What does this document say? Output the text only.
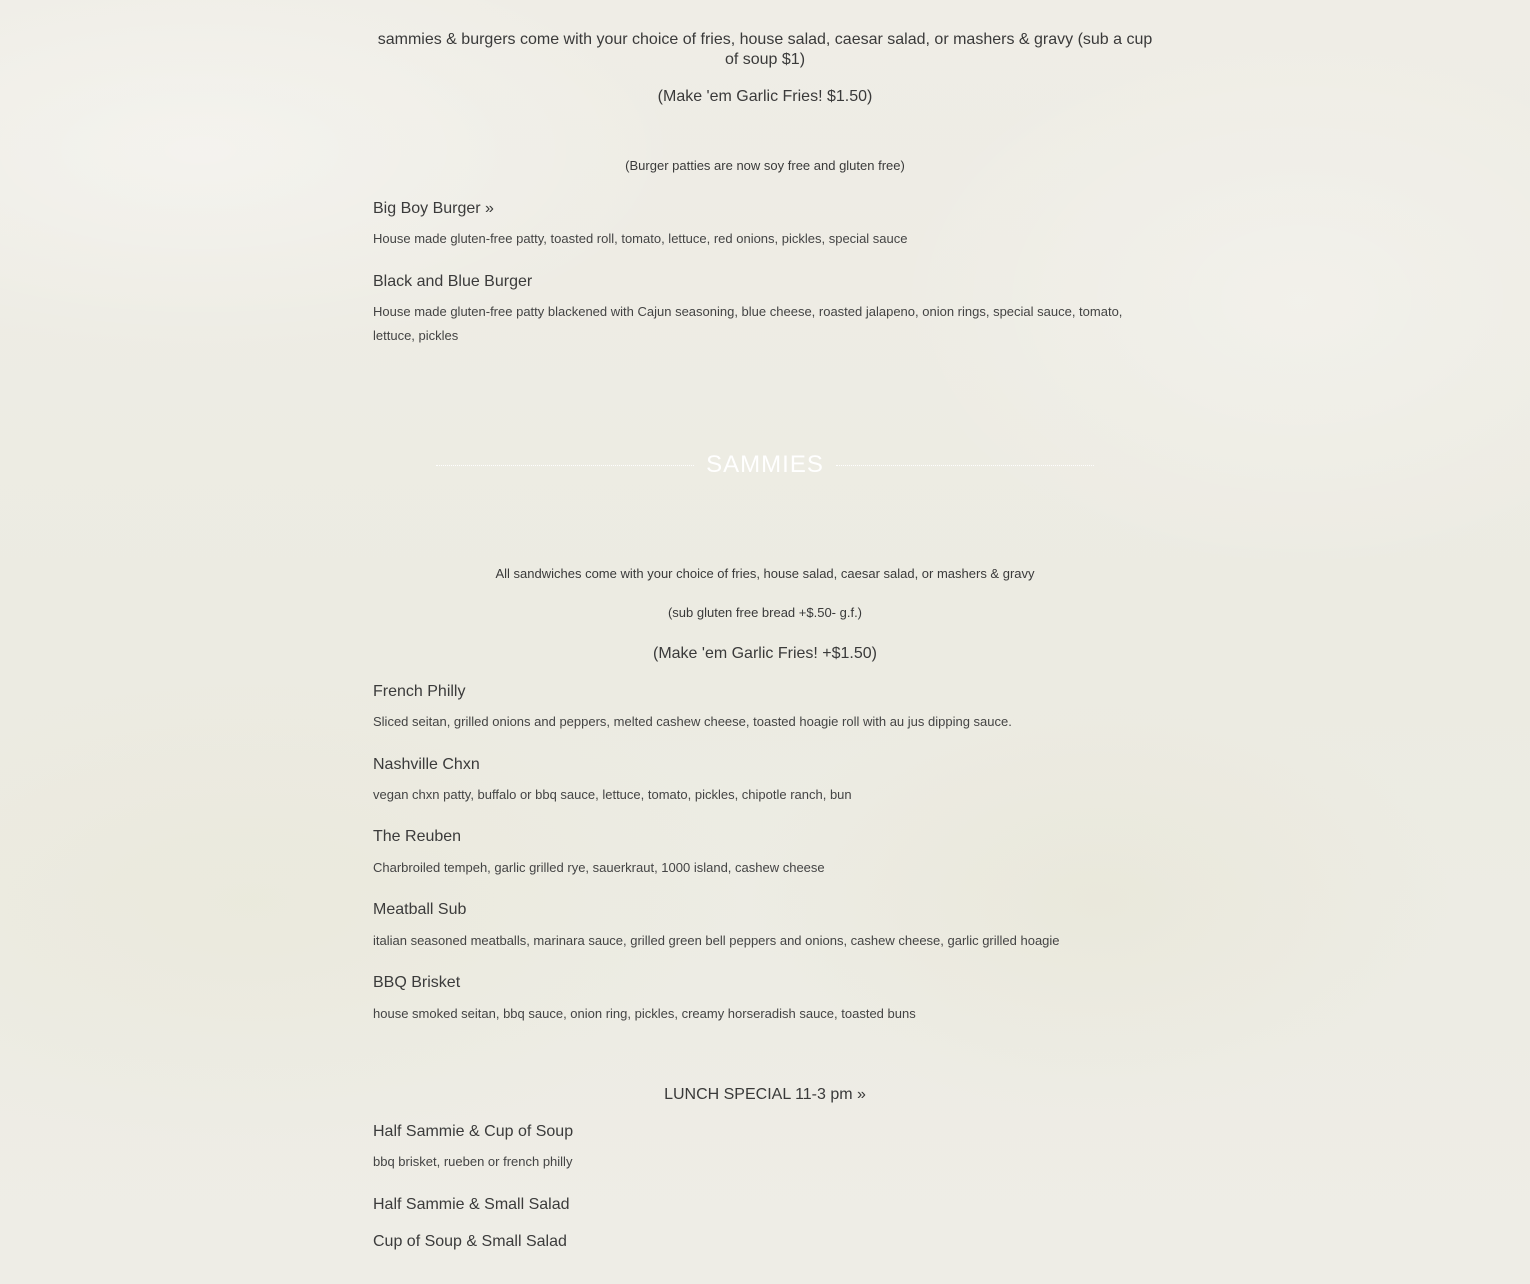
sammies & burgers come with your choice of fries, house salad, caesar salad, or mashers & gravy (sub a cup of soup $1)
(Make 'em Garlic Fries! $1.50)
(Burger patties are now soy free and gluten free)
Big Boy Burger »
House made gluten-free patty, toasted roll, tomato, lettuce, red onions, pickles, special sauce
Black and Blue Burger
House made gluten-free patty blackened with Cajun seasoning, blue cheese, roasted jalapeno, onion rings, special sauce, tomato, lettuce, pickles
SAMMIES
All sandwiches come with your choice of fries, house salad, caesar salad, or mashers & gravy
(sub gluten free bread +$.50- g.f.)
(Make 'em Garlic Fries! +$1.50)
French Philly
Sliced seitan, grilled onions and peppers, melted cashew cheese, toasted hoagie roll with au jus dipping sauce.
Nashville Chxn
vegan chxn patty, buffalo or bbq sauce, lettuce, tomato, pickles, chipotle ranch, bun
The Reuben
Charbroiled tempeh, garlic grilled rye, sauerkraut, 1000 island, cashew cheese
Meatball Sub
italian seasoned meatballs, marinara sauce, grilled green bell peppers and onions, cashew cheese, garlic grilled hoagie
BBQ Brisket
house smoked seitan, bbq sauce, onion ring, pickles, creamy horseradish sauce, toasted buns
LUNCH SPECIAL 11-3 pm »
Half Sammie & Cup of Soup
bbq brisket, rueben or french philly
Half Sammie & Small Salad
Cup of Soup & Small Salad
